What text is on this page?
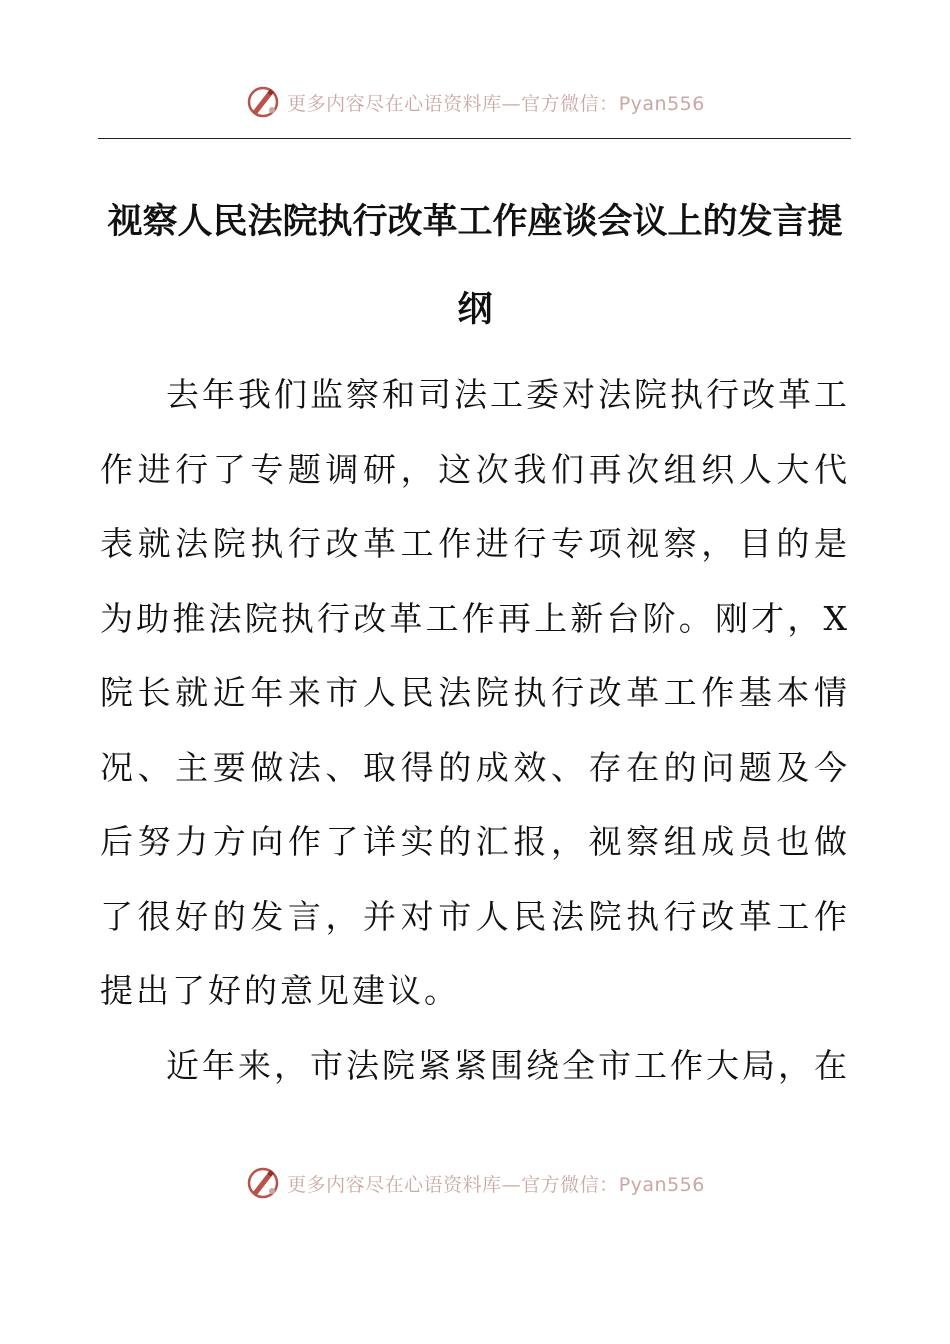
更多内容尽在心语资料库—官方微信：Pyan556
视察人民法院执行改革工作座谈会议上的发言提纲

去年我们监察和司法工委对法院执行改革工作进行了专题调研，这次我们再次组织人大代表就法院执行改革工作进行专项视察，目的是为助推法院执行改革工作再上新台阶。刚才，X院长就近年来市人民法院执行改革工作基本情况、主要做法、取得的成效、存在的问题及今后努力方向作了详实的汇报，视察组成员也做了很好的发言，并对市人民法院执行改革工作提出了好的意见建议。

近年来，市法院紧紧围绕全市工作大局，在

更多内容尽在心语资料库—官方微信：Pyan556
